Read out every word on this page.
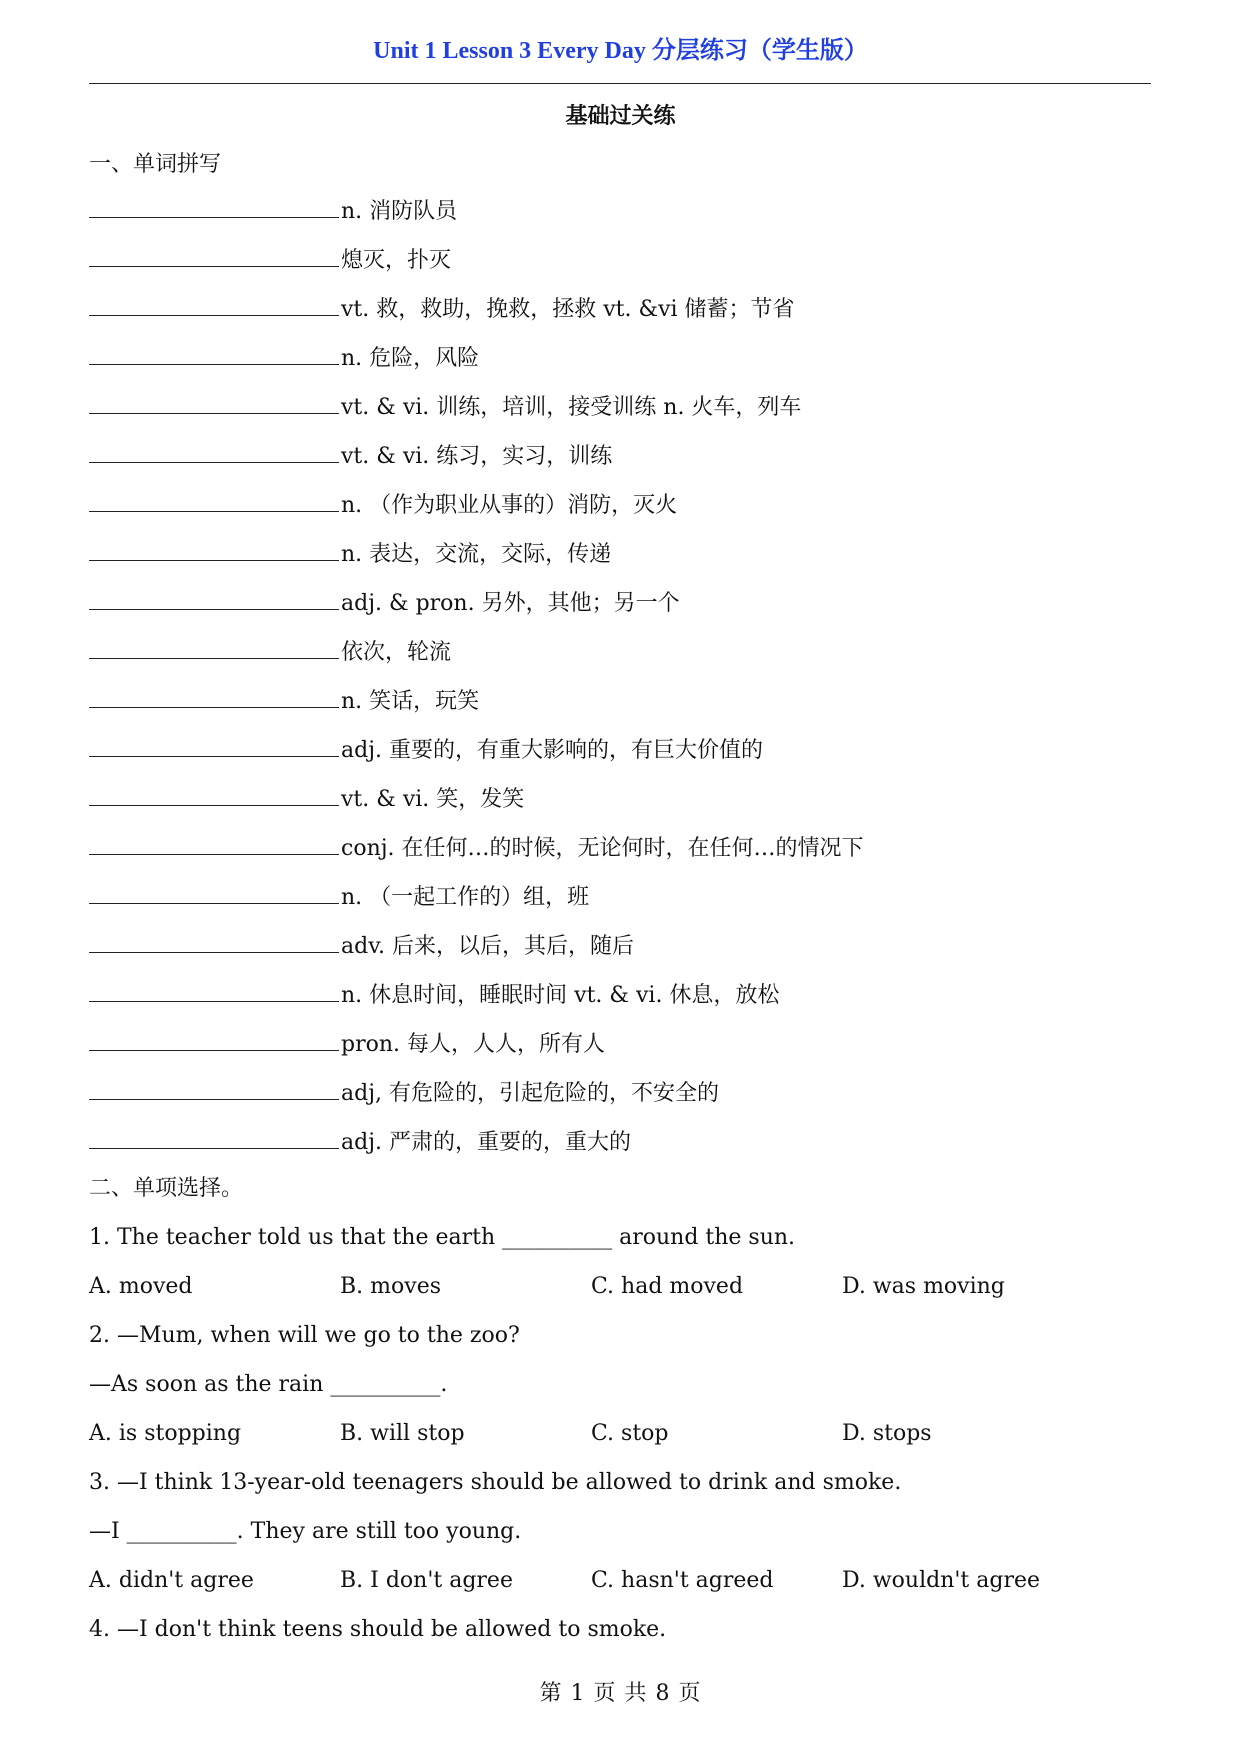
Unit 1 Lesson 3 Every Day 分层练习（学生版）
基础过关练
一、单词拼写
n. 消防队员
熄灭，扑灭
vt. 救，救助，挽救，拯救 vt. &vi 储蓄；节省
n. 危险，风险
vt. & vi. 训练，培训，接受训练 n. 火车，列车
vt. & vi. 练习，实习，训练
n. （作为职业从事的）消防，灭火
n. 表达，交流，交际，传递
adj. & pron. 另外，其他；另一个
依次，轮流
n. 笑话，玩笑
adj. 重要的，有重大影响的，有巨大价值的
vt. & vi. 笑，发笑
conj. 在任何…的时候，无论何时，在任何…的情况下
n. （一起工作的）组，班
adv. 后来，以后，其后，随后
n. 休息时间，睡眠时间 vt. & vi. 休息，放松
pron. 每人，人人，所有人
adj, 有危险的，引起危险的，不安全的
adj. 严肃的，重要的，重大的
二、单项选择。
1. The teacher told us that the earth __________ around the sun.
A. moved	B. moves	C. had moved	D. was moving
2. —Mum, when will we go to the zoo?
—As soon as the rain __________.
A. is stopping	B. will stop	C. stop	D. stops
3. —I think 13-year-old teenagers should be allowed to drink and smoke.
—I __________. They are still too young.
A. didn't agree	B. I don't agree	C. hasn't agreed	D. wouldn't agree
4. —I don't think teens should be allowed to smoke.
第 1 页 共 8 页
